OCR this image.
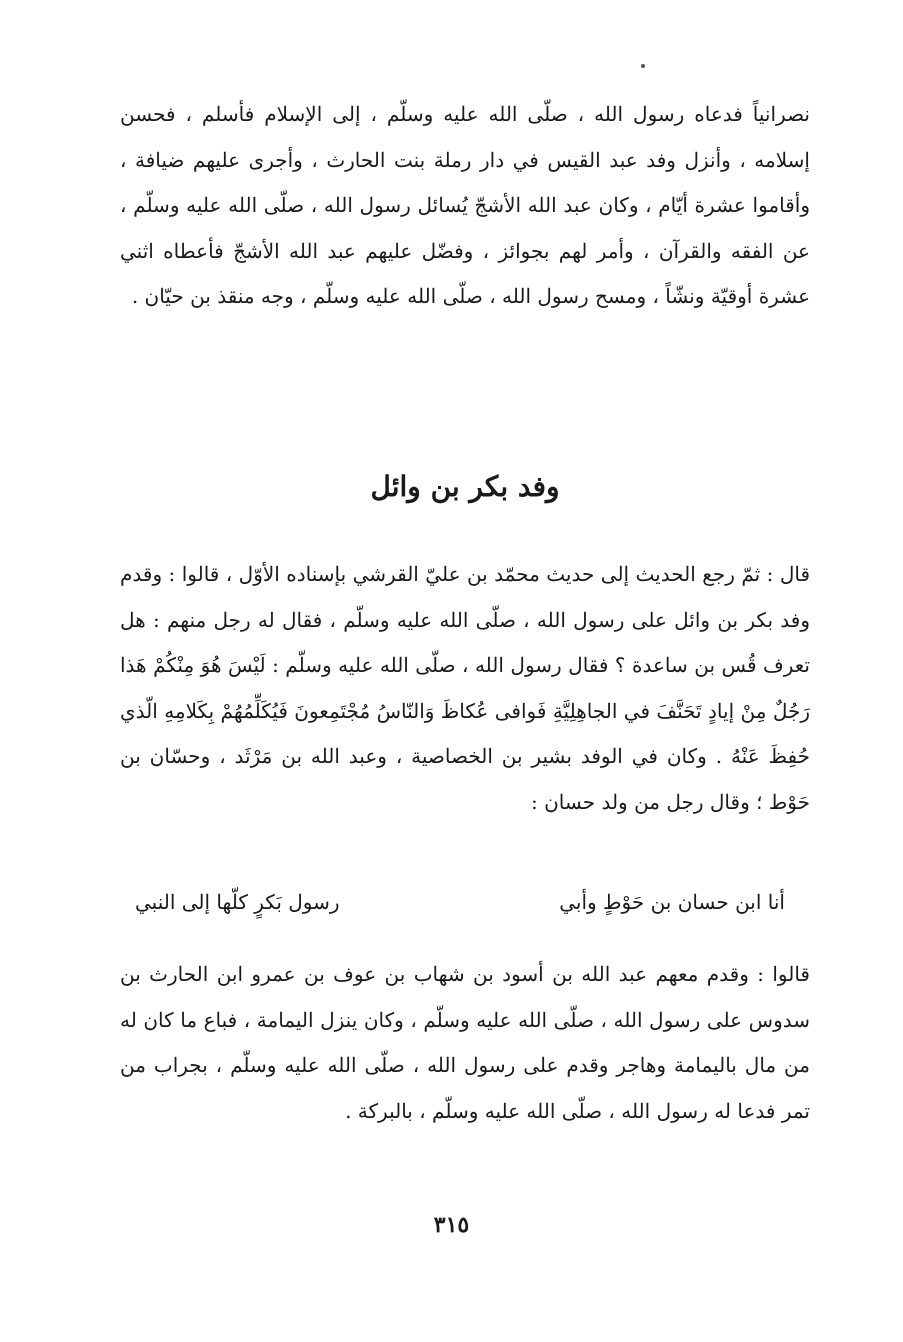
نصرانياً فدعاه رسول الله ، صلّى الله عليه وسلّم ، إلى الإسلام فأسلم ، فحسن إسلامه ، وأنزل وفد عبد القيس في دار رملة بنت الحارث ، وأجرى عليهم ضيافة ، وأقاموا عشرة أيّام ، وكان عبد الله الأشجّ يُسائل رسول الله ، صلّى الله عليه وسلّم ، عن الفقه والقرآن ، وأمر لهم بجوائز ، وفضّل عليهم عبد الله الأشجّ فأعطاه اثني عشرة أوقيّة ونشّاً ، ومسح رسول الله ، صلّى الله عليه وسلّم ، وجه منقذ بن حيّان .

وفد بكر بن وائل

قال : ثمّ رجع الحديث إلى حديث محمّد بن عليّ القرشي بإسناده الأوّل ، قالوا : وقدم وفد بكر بن وائل على رسول الله ، صلّى الله عليه وسلّم ، فقال له رجل منهم : هل تعرف قُس بن ساعدة ؟ فقال رسول الله ، صلّى الله عليه وسلّم : لَيْسَ هُوَ مِنْكُمْ هَذا رَجُلٌ مِنْ إيادٍ تَحَنَّفَ في الجاهِلِيَّةِ فَوافى عُكاظَ وَالنّاسُ مُجْتَمِعونَ فَيُكَلِّمُهُمْ بِكَلامِهِ الّذي حُفِظَ عَنْهُ . وكان في الوفد بشير بن الخصاصية ، وعبد الله بن مَرْثَد ، وحسّان بن حَوْط ؛ وقال رجل من ولد حسان :

أنا ابن حسان بن حَوْطٍ وأبي
رسول بَكرٍ كلّها إلى النبي

قالوا : وقدم معهم عبد الله بن أسود بن شهاب بن عوف بن عمرو ابن الحارث بن سدوس على رسول الله ، صلّى الله عليه وسلّم ، وكان ينزل اليمامة ، فباع ما كان له من مال باليمامة وهاجر وقدم على رسول الله ، صلّى الله عليه وسلّم ، بجراب من تمر فدعا له رسول الله ، صلّى الله عليه وسلّم ، بالبركة .

٣١٥
